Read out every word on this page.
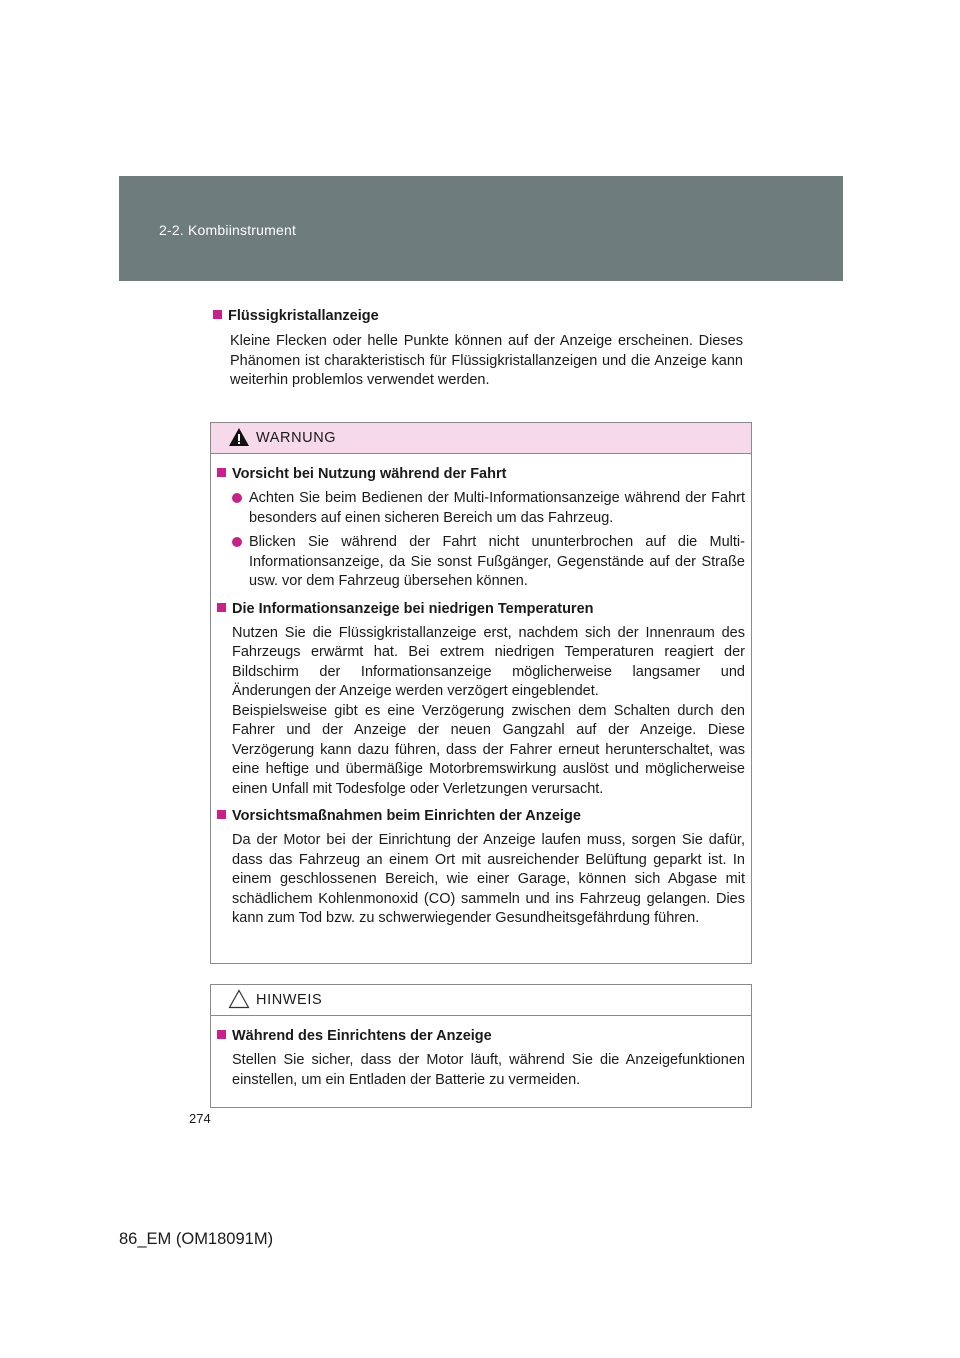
2-2. Kombiinstrument
Flüssigkristallanzeige
Kleine Flecken oder helle Punkte können auf der Anzeige erscheinen. Dieses Phänomen ist charakteristisch für Flüssigkristallanzeigen und die Anzeige kann weiterhin problemlos verwendet werden.
WARNUNG
Vorsicht bei Nutzung während der Fahrt
Achten Sie beim Bedienen der Multi-Informationsanzeige während der Fahrt besonders auf einen sicheren Bereich um das Fahrzeug.
Blicken Sie während der Fahrt nicht ununterbrochen auf die Multi-Informationsanzeige, da Sie sonst Fußgänger, Gegenstände auf der Straße usw. vor dem Fahrzeug übersehen können.
Die Informationsanzeige bei niedrigen Temperaturen
Nutzen Sie die Flüssigkristallanzeige erst, nachdem sich der Innenraum des Fahrzeugs erwärmt hat. Bei extrem niedrigen Temperaturen reagiert der Bildschirm der Informationsanzeige möglicherweise langsamer und Änderungen der Anzeige werden verzögert eingeblendet.
Beispielsweise gibt es eine Verzögerung zwischen dem Schalten durch den Fahrer und der Anzeige der neuen Gangzahl auf der Anzeige. Diese Verzögerung kann dazu führen, dass der Fahrer erneut herunterschaltet, was eine heftige und übermäßige Motorbremswirkung auslöst und möglicherweise einen Unfall mit Todesfolge oder Verletzungen verursacht.
Vorsichtsmaßnahmen beim Einrichten der Anzeige
Da der Motor bei der Einrichtung der Anzeige laufen muss, sorgen Sie dafür, dass das Fahrzeug an einem Ort mit ausreichender Belüftung geparkt ist. In einem geschlossenen Bereich, wie einer Garage, können sich Abgase mit schädlichem Kohlenmonoxid (CO) sammeln und ins Fahrzeug gelangen. Dies kann zum Tod bzw. zu schwerwiegender Gesundheitsgefährdung führen.
HINWEIS
Während des Einrichtens der Anzeige
Stellen Sie sicher, dass der Motor läuft, während Sie die Anzeigefunktionen einstellen, um ein Entladen der Batterie zu vermeiden.
274
86_EM (OM18091M)
